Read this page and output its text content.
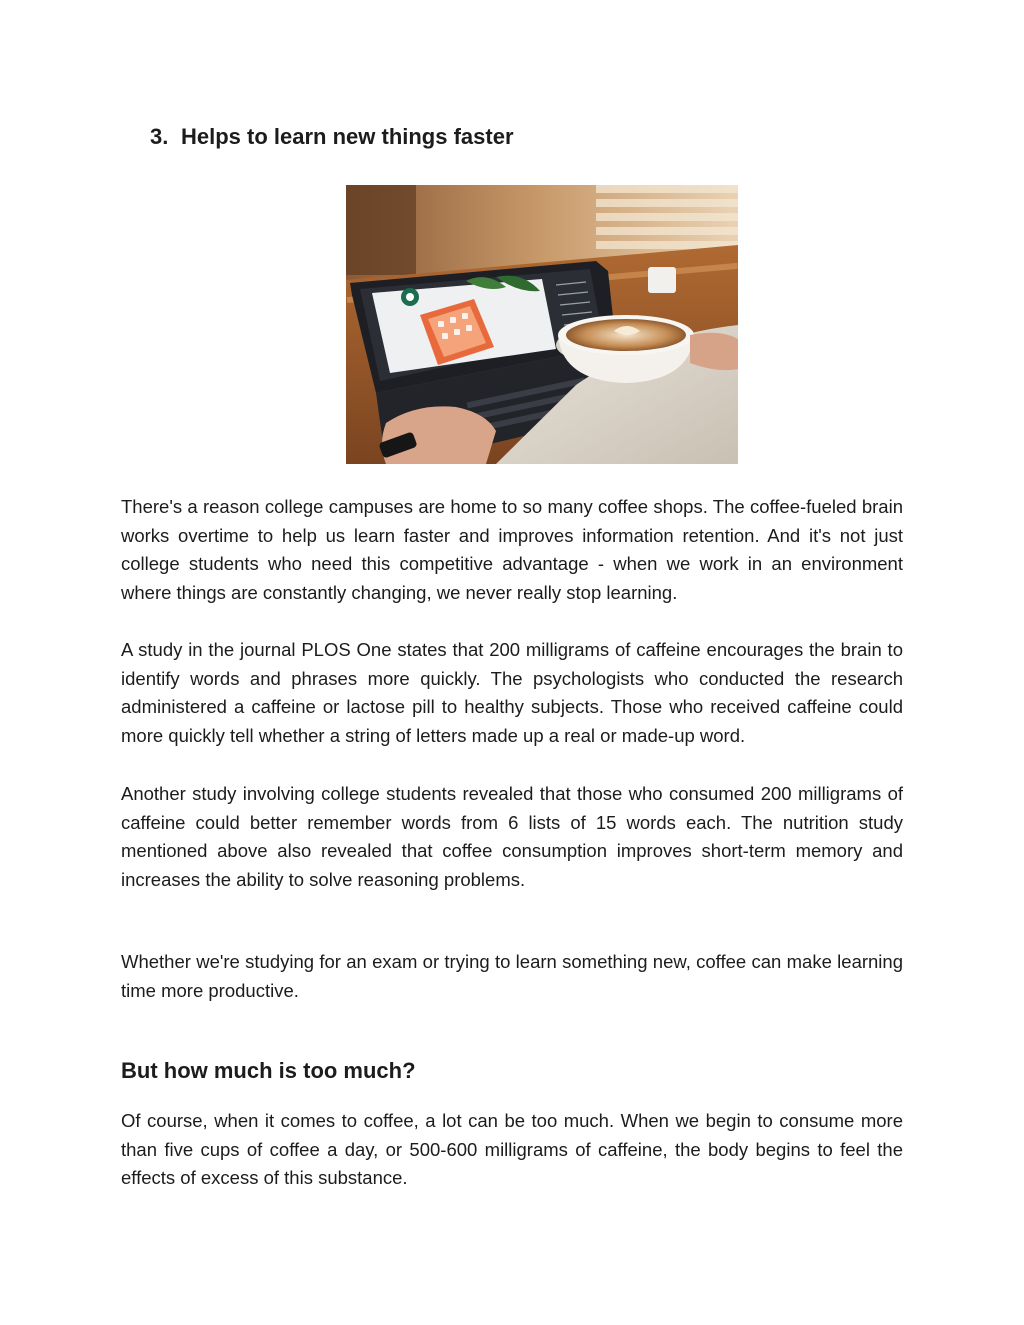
3. Helps to learn new things faster

There's a reason college campuses are home to so many coffee shops. The coffee-fueled brain works overtime to help us learn faster and improves information retention. And it's not just college students who need this competitive advantage - when we work in an environment where things are constantly changing, we never really stop learning.

A study in the journal PLOS One states that 200 milligrams of caffeine encourages the brain to identify words and phrases more quickly. The psychologists who conducted the research administered a caffeine or lactose pill to healthy subjects. Those who received caffeine could more quickly tell whether a string of letters made up a real or made-up word.

Another study involving college students revealed that those who consumed 200 milligrams of caffeine could better remember words from 6 lists of 15 words each. The nutrition study mentioned above also revealed that coffee consumption improves short-term memory and increases the ability to solve reasoning problems.

Whether we're studying for an exam or trying to learn something new, coffee can make learning time more productive.

But how much is too much?

Of course, when it comes to coffee, a lot can be too much. When we begin to consume more than five cups of coffee a day, or 500-600 milligrams of caffeine, the body begins to feel the effects of excess of this substance.
